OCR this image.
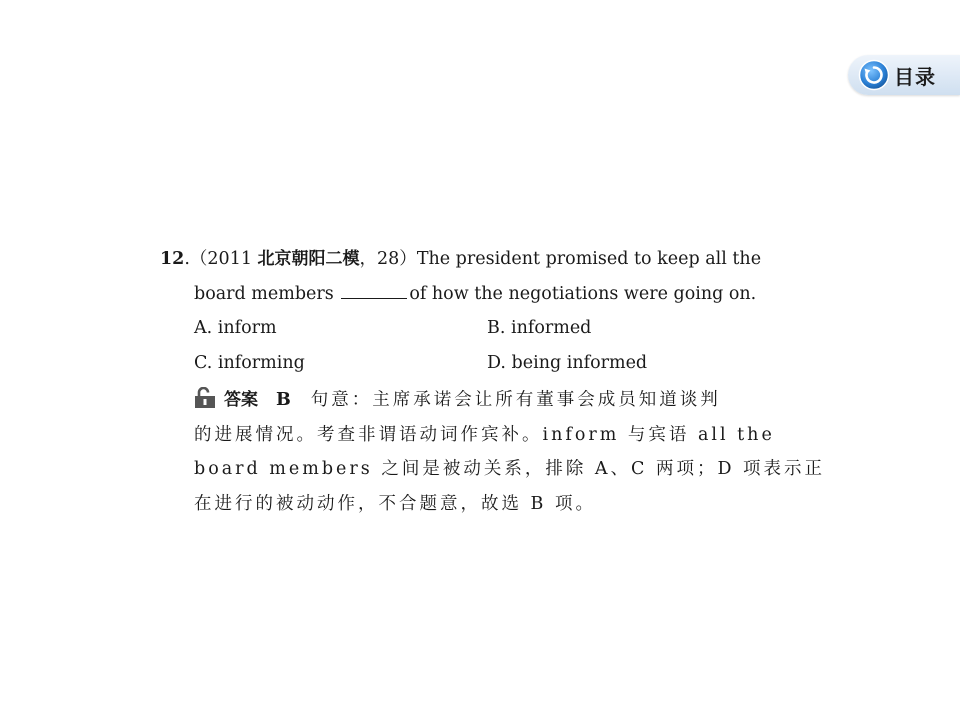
目录
12.（2011 北京朝阳二模，28）The president promised to keep all the
board members	of how the negotiations were going on.
A. inform	B. informed
C. informing	D. being informed
答案 B 句意：主席承诺会让所有董事会成员知道谈判
的进展情况。考查非谓语动词作宾补。inform 与宾语 all the
board members 之间是被动关系，排除 A、C 两项；D 项表示正
在进行的被动动作，不合题意，故选 B 项。
